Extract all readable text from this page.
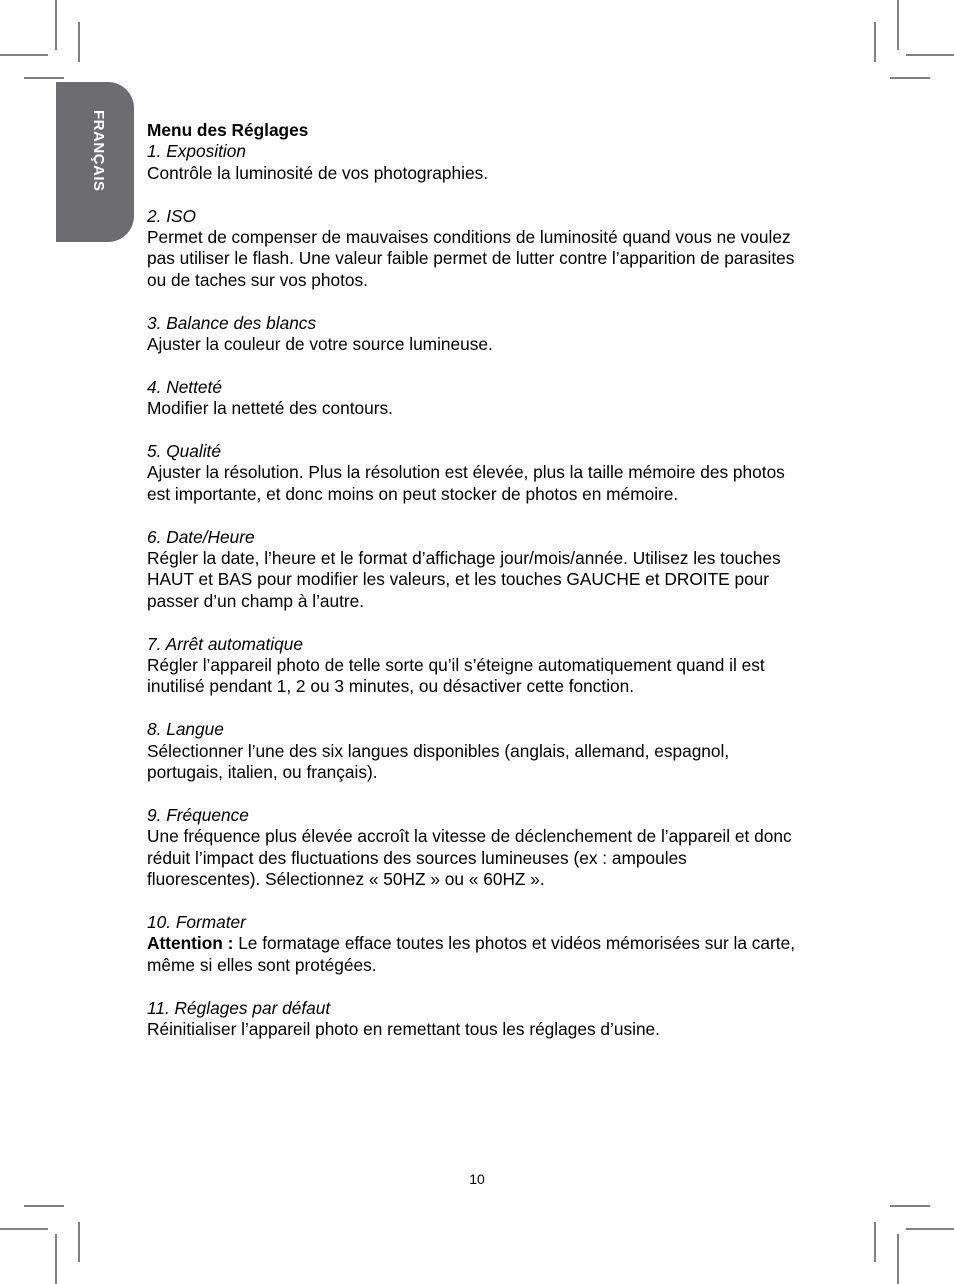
FRANÇAIS Menu des Réglages
1. Exposition
Contrôle la luminosité de vos photographies.
2. ISO
Permet de compenser de mauvaises conditions de luminosité quand vous ne voulez pas utiliser le flash. Une valeur faible permet de lutter contre l’apparition de parasites ou de taches sur vos photos.
3. Balance des blancs
Ajuster la couleur de votre source lumineuse.
4. Netteté
Modifier la netteté des contours.
5. Qualité
Ajuster la résolution. Plus la résolution est élevée, plus la taille mémoire des photos est importante, et donc moins on peut stocker de photos en mémoire.
6. Date/Heure
Régler la date, l’heure et le format d’affichage jour/mois/année. Utilisez les touches HAUT et BAS pour modifier les valeurs, et les touches GAUCHE et DROITE pour passer d’un champ à l’autre.
7. Arrêt automatique
Régler l’appareil photo de telle sorte qu’il s’éteigne automatiquement quand il est inutilisé pendant 1, 2 ou 3 minutes, ou désactiver cette fonction.
8. Langue
Sélectionner l’une des six langues disponibles (anglais, allemand, espagnol, portugais, italien, ou français).
9. Fréquence
Une fréquence plus élevée accroît la vitesse de déclenchement de l’appareil et donc réduit l’impact des fluctuations des sources lumineuses (ex : ampoules fluorescentes). Sélectionnez « 50HZ » ou « 60HZ ».
10. Formater
Attention : Le formatage efface toutes les photos et vidéos mémorisées sur la carte, même si elles sont protégées.
11. Réglages par défaut
Réinitialiser l’appareil photo en remettant tous les réglages d’usine.
10
